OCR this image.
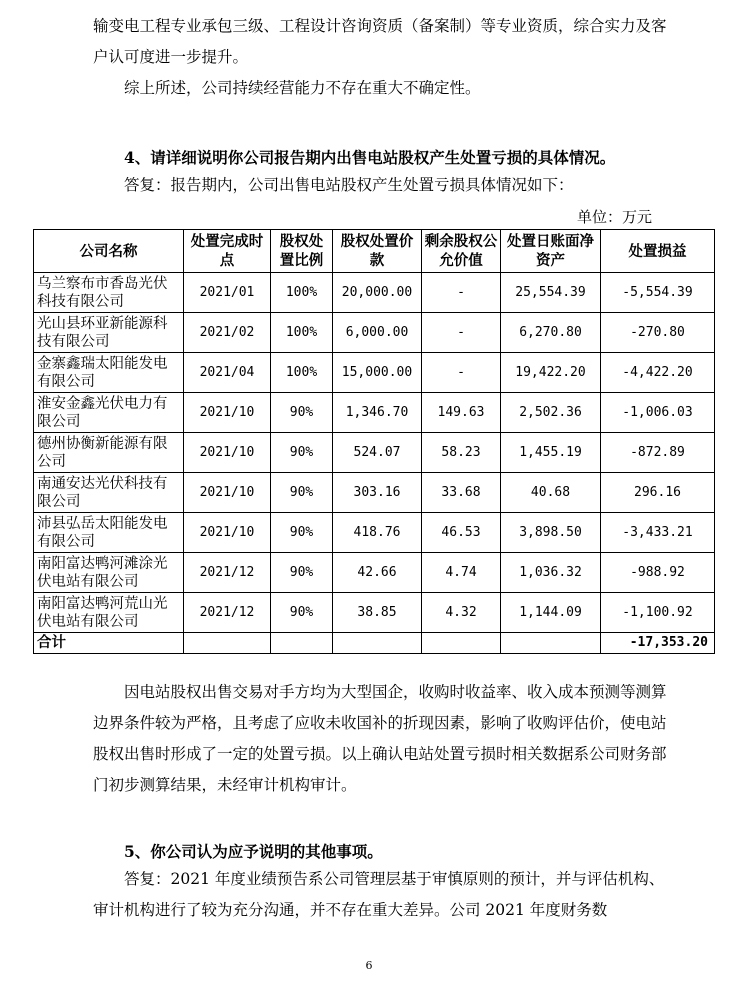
输变电工程专业承包三级、工程设计咨询资质（备案制）等专业资质，综合实力及客户认可度进一步提升。

综上所述，公司持续经营能力不存在重大不确定性。

4、请详细说明你公司报告期内出售电站股权产生处置亏损的具体情况。

答复：报告期内，公司出售电站股权产生处置亏损具体情况如下：

单位：万元
公司名称	处置完成时点	股权处置比例	股权处置价款	剩余股权公允价值	处置日账面净资产	处置损益
乌兰察布市香岛光伏科技有限公司	2021/01	100%	20,000.00	-	25,554.39	-5,554.39
光山县环亚新能源科技有限公司	2021/02	100%	6,000.00	-	6,270.80	-270.80
金寨鑫瑞太阳能发电有限公司	2021/04	100%	15,000.00	-	19,422.20	-4,422.20
淮安金鑫光伏电力有限公司	2021/10	90%	1,346.70	149.63	2,502.36	-1,006.03
德州协衡新能源有限公司	2021/10	90%	524.07	58.23	1,455.19	-872.89
南通安达光伏科技有限公司	2021/10	90%	303.16	33.68	40.68	296.16
沛县弘岳太阳能发电有限公司	2021/10	90%	418.76	46.53	3,898.50	-3,433.21
南阳富达鸭河滩涂光伏电站有限公司	2021/12	90%	42.66	4.74	1,036.32	-988.92
南阳富达鸭河荒山光伏电站有限公司	2021/12	90%	38.85	4.32	1,144.09	-1,100.92
合计						-17,353.20

因电站股权出售交易对手方均为大型国企，收购时收益率、收入成本预测等测算边界条件较为严格，且考虑了应收未收国补的折现因素，影响了收购评估价，使电站股权出售时形成了一定的处置亏损。以上确认电站处置亏损时相关数据系公司财务部门初步测算结果，未经审计机构审计。

5、你公司认为应予说明的其他事项。

答复：2021 年度业绩预告系公司管理层基于审慎原则的预计，并与评估机构、审计机构进行了较为充分沟通，并不存在重大差异。公司 2021 年度财务数

6
